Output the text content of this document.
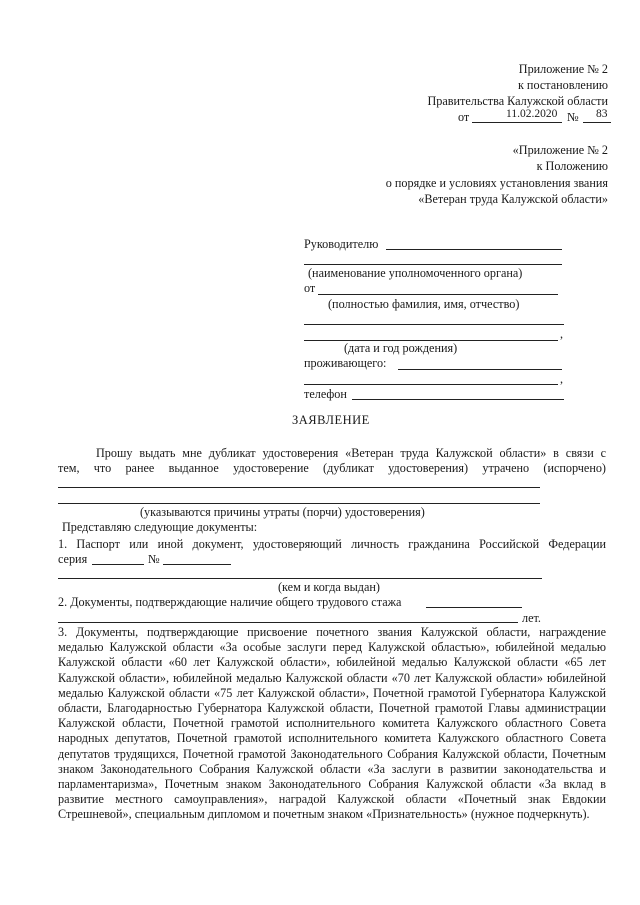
Приложение № 2
к постановлению
Правительства Калужской области
от	11.02.2020 № 83
«Приложение № 2
к Положению
о порядке и условиях установления звания
«Ветеран труда Калужской области»
Руководителю
(наименование уполномоченного органа)
от
(полностью фамилия, имя, отчество)
,
(дата и год рождения)
проживающего:
,
телефон
ЗАЯВЛЕНИЕ
Прошу выдать мне дубликат удостоверения «Ветеран труда Калужской области» в связи с
тем, что ранее выданное удостоверение (дубликат удостоверения) утрачено (испорчено)
(указываются причины утраты (порчи) удостоверения)
Представляю следующие документы:
1. Паспорт или иной документ, удостоверяющий личность гражданина Российской Федерации
серия	№
(кем и когда выдан)
2. Документы, подтверждающие наличие общего трудового стажа
лет.
3. Документы, подтверждающие присвоение почетного звания Калужской области, награждение медалью Калужской области «За особые заслуги перед Калужской областью», юбилейной медалью Калужской области «60 лет Калужской области», юбилейной медалью Калужской области «65 лет Калужской области», юбилейной медалью Калужской области «70 лет Калужской области» юбилейной медалью Калужской области «75 лет Калужской области», Почетной грамотой Губернатора Калужской области, Благодарностью Губернатора Калужской области, Почетной грамотой Главы администрации Калужской области, Почетной грамотой исполнительного комитета Калужского областного Совета народных депутатов, Почетной грамотой исполнительного комитета Калужского областного Совета депутатов трудящихся, Почетной грамотой Законодательного Собрания Калужской области, Почетным знаком Законодательного Собрания Калужской области «За заслуги в развитии законодательства и парламентаризма», Почетным знаком Законодательного Собрания Калужской области «За вклад в развитие местного самоуправления», наградой Калужской области «Почетный знак Евдокии Стрешневой», специальным дипломом и почетным знаком «Признательность» (нужное подчеркнуть).
